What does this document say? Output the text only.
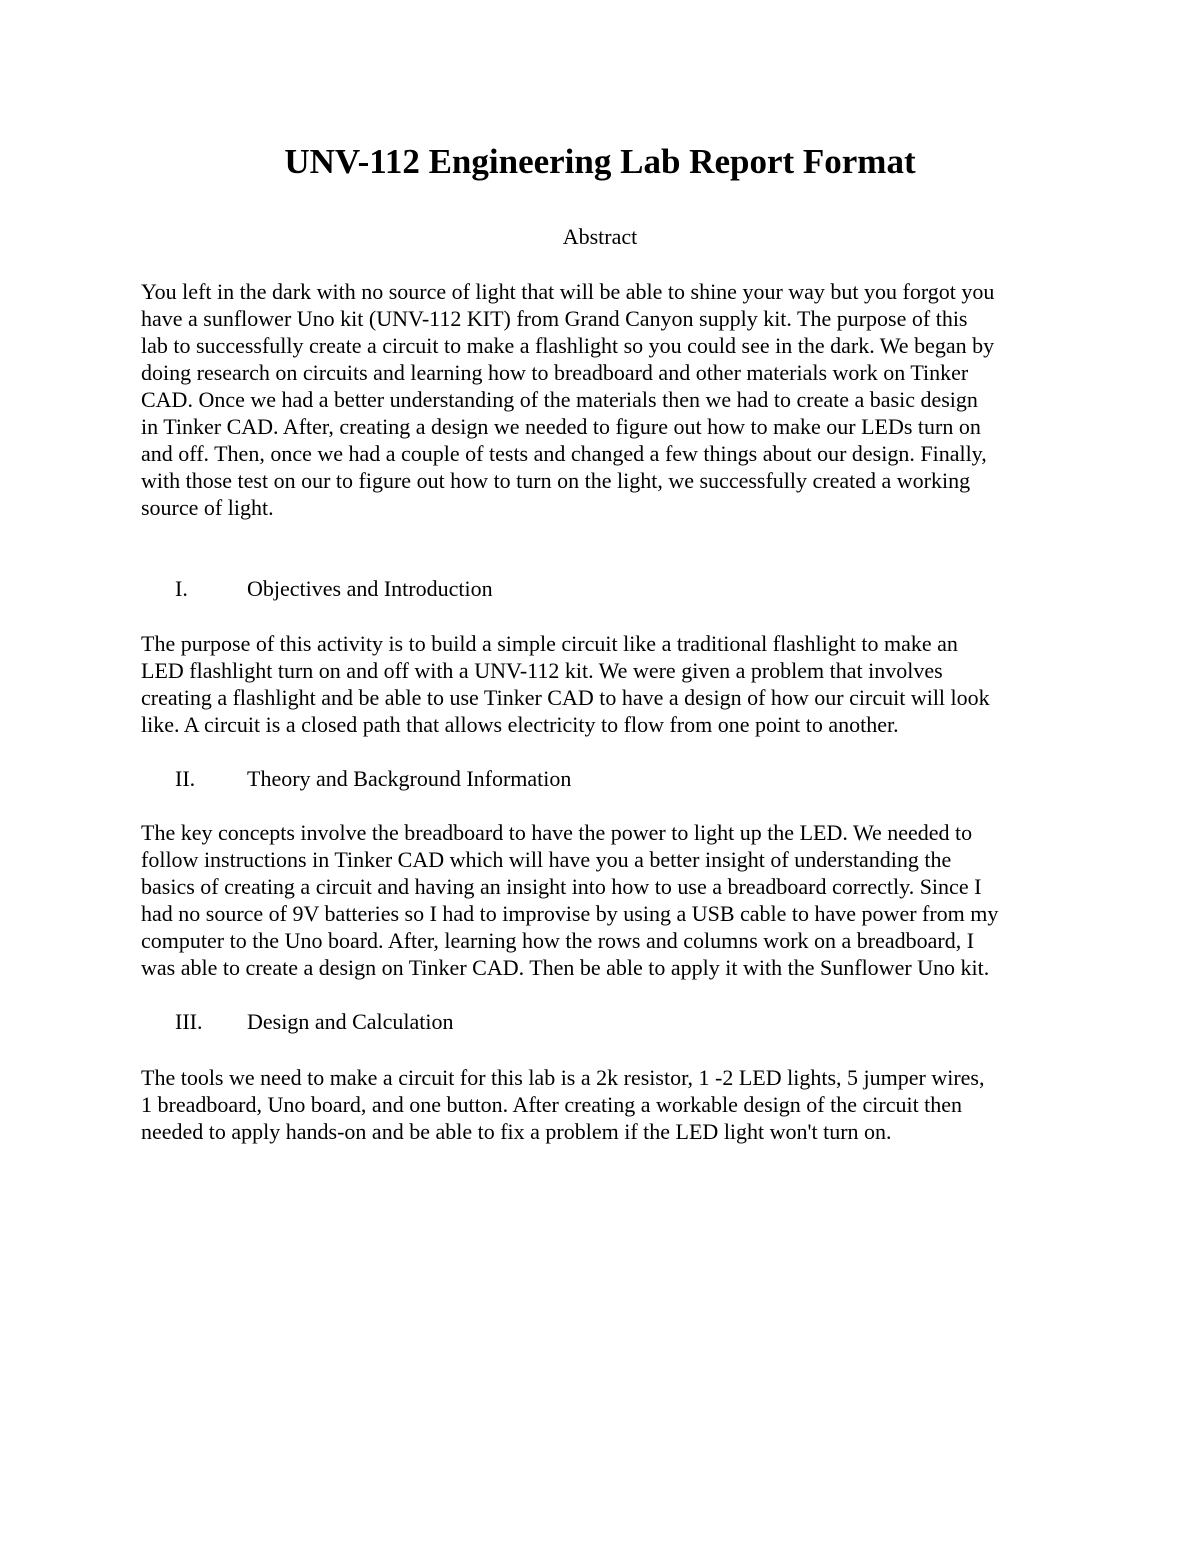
UNV-112 Engineering Lab Report Format
Abstract
You left in the dark with no source of light that will be able to shine your way but you forgot you
have a sunflower Uno kit (UNV-112 KIT) from Grand Canyon supply kit. The purpose of this
lab to successfully create a circuit to make a flashlight so you could see in the dark. We began by
doing research on circuits and learning how to breadboard and other materials work on Tinker
CAD. Once we had a better understanding of the materials then we had to create a basic design
in Tinker CAD. After, creating a design we needed to figure out how to make our LEDs turn on
and off. Then, once we had a couple of tests and changed a few things about our design. Finally,
with those test on our to figure out how to turn on the light, we successfully created a working
source of light.
I.	Objectives and Introduction
The purpose of this activity is to build a simple circuit like a traditional flashlight to make an
LED flashlight turn on and off with a UNV-112 kit. We were given a problem that involves
creating a flashlight and be able to use Tinker CAD to have a design of how our circuit will look
like. A circuit is a closed path that allows electricity to flow from one point to another.
II. Theory and Background Information
The key concepts involve the breadboard to have the power to light up the LED. We needed to
follow instructions in Tinker CAD which will have you a better insight of understanding the
basics of creating a circuit and having an insight into how to use a breadboard correctly. Since I
had no source of 9V batteries so I had to improvise by using a USB cable to have power from my
computer to the Uno board. After, learning how the rows and columns work on a breadboard, I
was able to create a design on Tinker CAD. Then be able to apply it with the Sunflower Uno kit.
III. Design and Calculation
The tools we need to make a circuit for this lab is a 2k resistor, 1 -2 LED lights, 5 jumper wires,
1 breadboard, Uno board, and one button. After creating a workable design of the circuit then
needed to apply hands-on and be able to fix a problem if the LED light won't turn on.
